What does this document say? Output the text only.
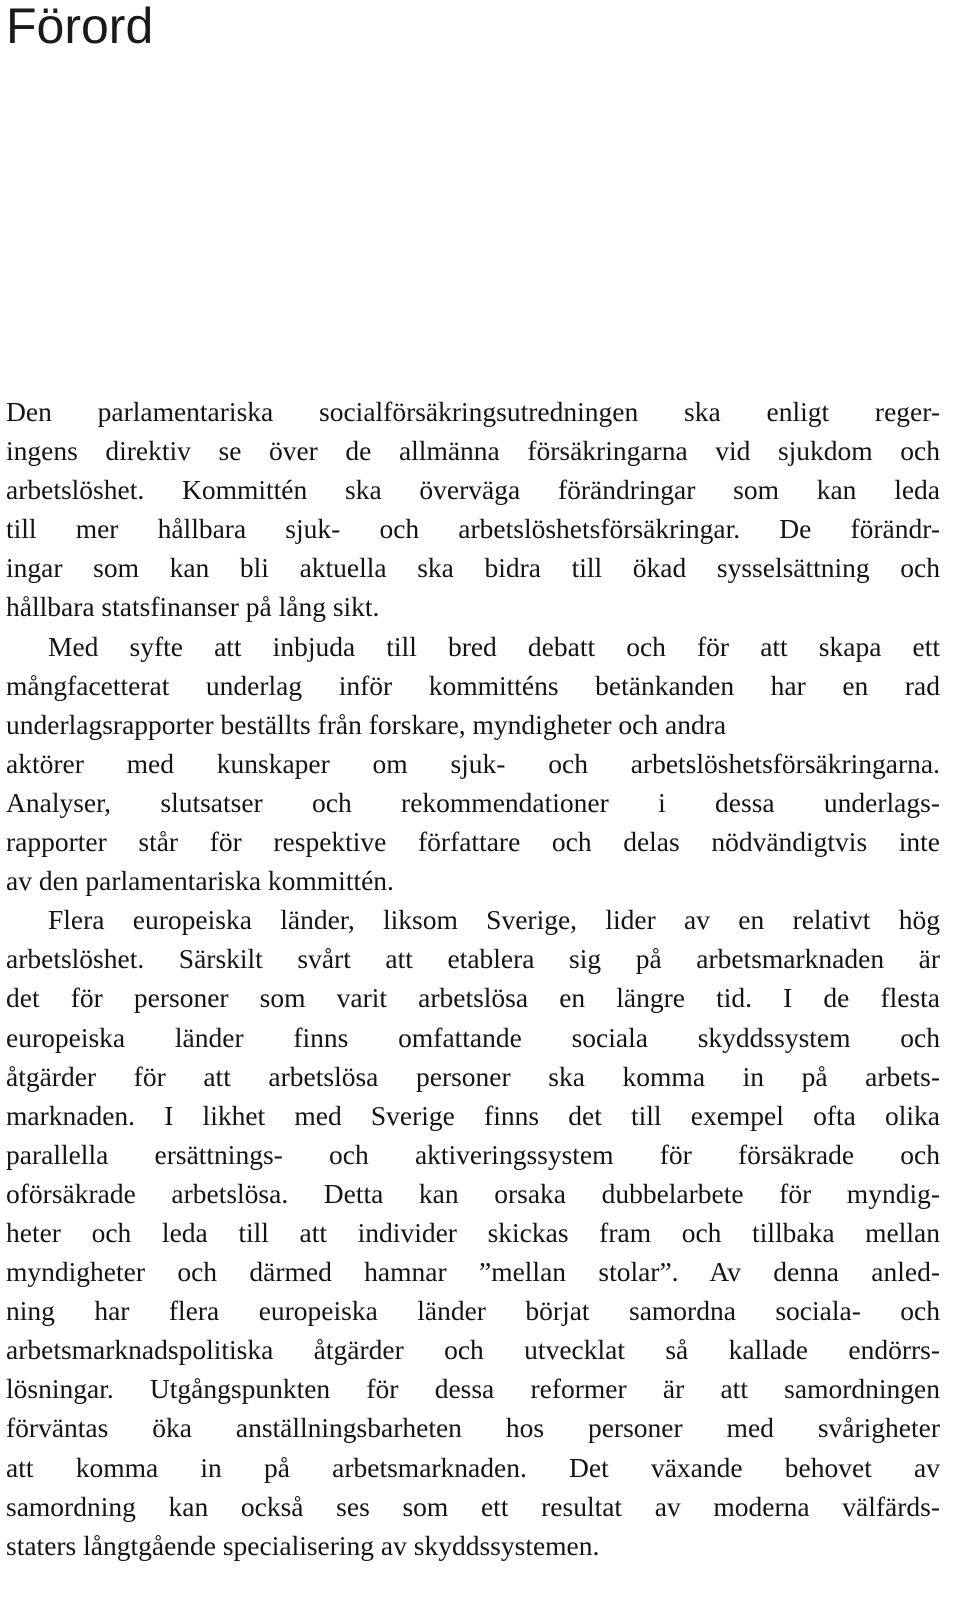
Förord
Den parlamentariska socialförsäkringsutredningen ska enligt reger-
ingens direktiv se över de allmänna försäkringarna vid sjukdom och
arbetslöshet. Kommittén ska överväga förändringar som kan leda
till mer hållbara sjuk- och arbetslöshetsförsäkringar. De förändr-
ingar som kan bli aktuella ska bidra till ökad sysselsättning och
hållbara statsfinanser på lång sikt.
Med syfte att inbjuda till bred debatt och för att skapa ett
mångfacetterat underlag inför kommitténs betänkanden har en rad
underlagsrapporter beställts från forskare, myndigheter och andra
aktörer med kunskaper om sjuk- och arbetslöshetsförsäkringarna.
Analyser, slutsatser och rekommendationer i dessa underlags-
rapporter står för respektive författare och delas nödvändigtvis inte
av den parlamentariska kommittén.
Flera europeiska länder, liksom Sverige, lider av en relativt hög
arbetslöshet. Särskilt svårt att etablera sig på arbetsmarknaden är
det för personer som varit arbetslösa en längre tid. I de flesta
europeiska länder finns omfattande sociala skyddssystem och
åtgärder för att arbetslösa personer ska komma in på arbets-
marknaden. I likhet med Sverige finns det till exempel ofta olika
parallella ersättnings- och aktiveringssystem för försäkrade och
oförsäkrade arbetslösa. Detta kan orsaka dubbelarbete för myndig-
heter och leda till att individer skickas fram och tillbaka mellan
myndigheter och därmed hamnar ”mellan stolar”. Av denna anled-
ning har flera europeiska länder börjat samordna sociala- och
arbetsmarknadspolitiska åtgärder och utvecklat så kallade endörrs-
lösningar. Utgångspunkten för dessa reformer är att samordningen
förväntas öka anställningsbarheten hos personer med svårigheter
att komma in på arbetsmarknaden. Det växande behovet av
samordning kan också ses som ett resultat av moderna välfärds-
staters långtgående specialisering av skyddssystemen.
